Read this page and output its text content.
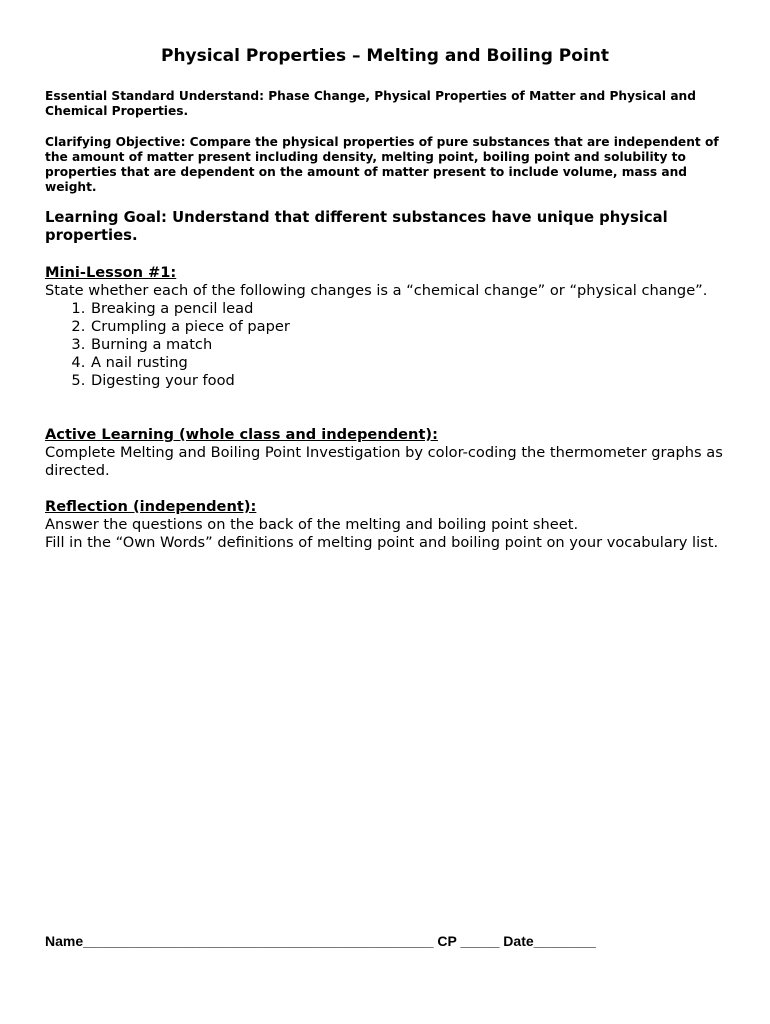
Physical Properties – Melting and Boiling Point

Essential Standard Understand: Phase Change, Physical Properties of Matter and Physical and Chemical Properties.

Clarifying Objective: Compare the physical properties of pure substances that are independent of the amount of matter present including density, melting point, boiling point and solubility to properties that are dependent on the amount of matter present to include volume, mass and weight.

Learning Goal: Understand that different substances have unique physical properties.

Mini-Lesson #1:
State whether each of the following changes is a “chemical change” or “physical change”.
1. Breaking a pencil lead
2. Crumpling a piece of paper
3. Burning a match
4. A nail rusting
5. Digesting your food
Active Learning (whole class and independent):
Complete Melting and Boiling Point Investigation by color-coding the thermometer graphs as directed.
Reflection (independent):
Answer the questions on the back of the melting and boiling point sheet.
Fill in the “Own Words” definitions of melting point and boiling point on your vocabulary list.

Name_____________________________________________ CP _____ Date________
